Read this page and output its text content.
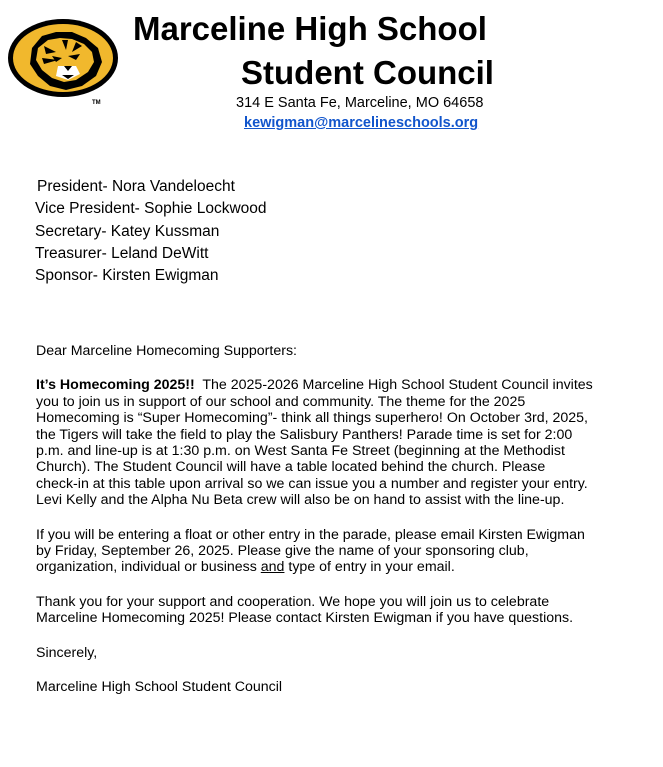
TM
Marceline High School
Student Council
314 E Santa Fe, Marceline, MO 64658
kewigman@marcelineschools.org
President- Nora Vandeloecht
Vice President- Sophie Lockwood
Secretary- Katey Kussman
Treasurer- Leland DeWitt
Sponsor- Kirsten Ewigman

Dear Marceline Homecoming Supporters:

It’s Homecoming 2025!! The 2025-2026 Marceline High School Student Council invites
you to join us in support of our school and community. The theme for the 2025
Homecoming is “Super Homecoming”- think all things superhero! On October 3rd, 2025,
the Tigers will take the field to play the Salisbury Panthers! Parade time is set for 2:00
p.m. and line-up is at 1:30 p.m. on West Santa Fe Street (beginning at the Methodist
Church). The Student Council will have a table located behind the church. Please
check-in at this table upon arrival so we can issue you a number and register your entry.
Levi Kelly and the Alpha Nu Beta crew will also be on hand to assist with the line-up.

If you will be entering a float or other entry in the parade, please email Kirsten Ewigman
by Friday, September 26, 2025. Please give the name of your sponsoring club,
organization, individual or business and type of entry in your email.

Thank you for your support and cooperation. We hope you will join us to celebrate
Marceline Homecoming 2025! Please contact Kirsten Ewigman if you have questions.

Sincerely,

Marceline High School Student Council
